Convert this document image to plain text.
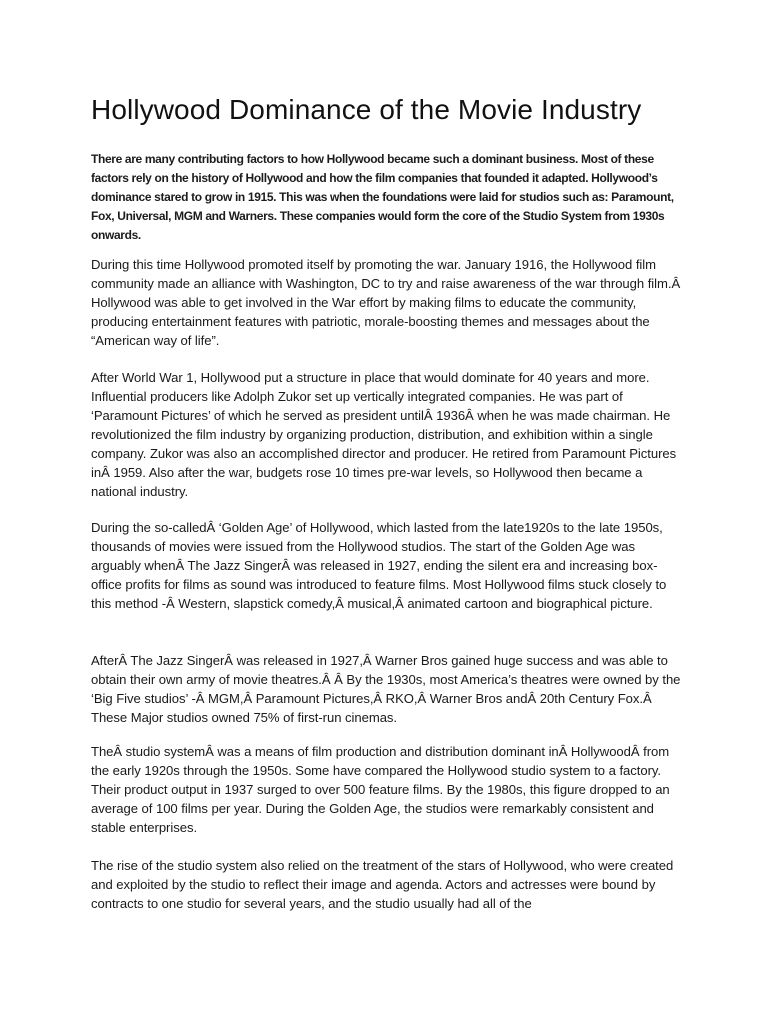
Hollywood Dominance of the Movie Industry

There are many contributing factors to how Hollywood became such a dominant business. Most of these factors rely on the history of Hollywood and how the film companies that founded it adapted. Hollywood’s dominance stared to grow in 1915. This was when the foundations were laid for studios such as: Paramount, Fox, Universal, MGM and Warners. These companies would form the core of the Studio System from 1930s onwards.

During this time Hollywood promoted itself by promoting the war. January 1916, the Hollywood film community made an alliance with Washington, DC to try and raise awareness of the war through film.Â Hollywood was able to get involved in the War effort by making films to educate the community, producing entertainment features with patriotic, morale-boosting themes and messages about the “American way of life”.

After World War 1, Hollywood put a structure in place that would dominate for 40 years and more. Influential producers like Adolph Zukor set up vertically integrated companies. He was part of ‘Paramount Pictures’ of which he served as president untilÂ 1936Â when he was made chairman. He revolutionized the film industry by organizing production, distribution, and exhibition within a single company. Zukor was also an accomplished director and producer. He retired from Paramount Pictures inÂ 1959. Also after the war, budgets rose 10 times pre-war levels, so Hollywood then became a national industry.

During the so-calledÂ ‘Golden Age’ of Hollywood, which lasted from the late1920s to the late 1950s, thousands of movies were issued from the Hollywood studios. The start of the Golden Age was arguably whenÂ The Jazz SingerÂ was released in 1927, ending the silent era and increasing box-office profits for films as sound was introduced to feature films. Most Hollywood films stuck closely to this method -Â Western, slapstick comedy,Â musical,Â animated cartoon and biographical picture.

AfterÂ The Jazz SingerÂ was released in 1927,Â Warner Bros gained huge success and was able to obtain their own army of movie theatres.Â Â By the 1930s, most America’s theatres were owned by the ‘Big Five studios’ -Â MGM,Â Paramount Pictures,Â RKO,Â Warner Bros andÂ 20th Century Fox.Â These Major studios owned 75% of first-run cinemas.

TheÂ studio systemÂ was a means of film production and distribution dominant inÂ HollywoodÂ from the early 1920s through the 1950s. Some have compared the Hollywood studio system to a factory. Their product output in 1937 surged to over 500 feature films. By the 1980s, this figure dropped to an average of 100 films per year. During the Golden Age, the studios were remarkably consistent and stable enterprises.

The rise of the studio system also relied on the treatment of the stars of Hollywood, who were created and exploited by the studio to reflect their image and agenda. Actors and actresses were bound by contracts to one studio for several years, and the studio usually had all of the
